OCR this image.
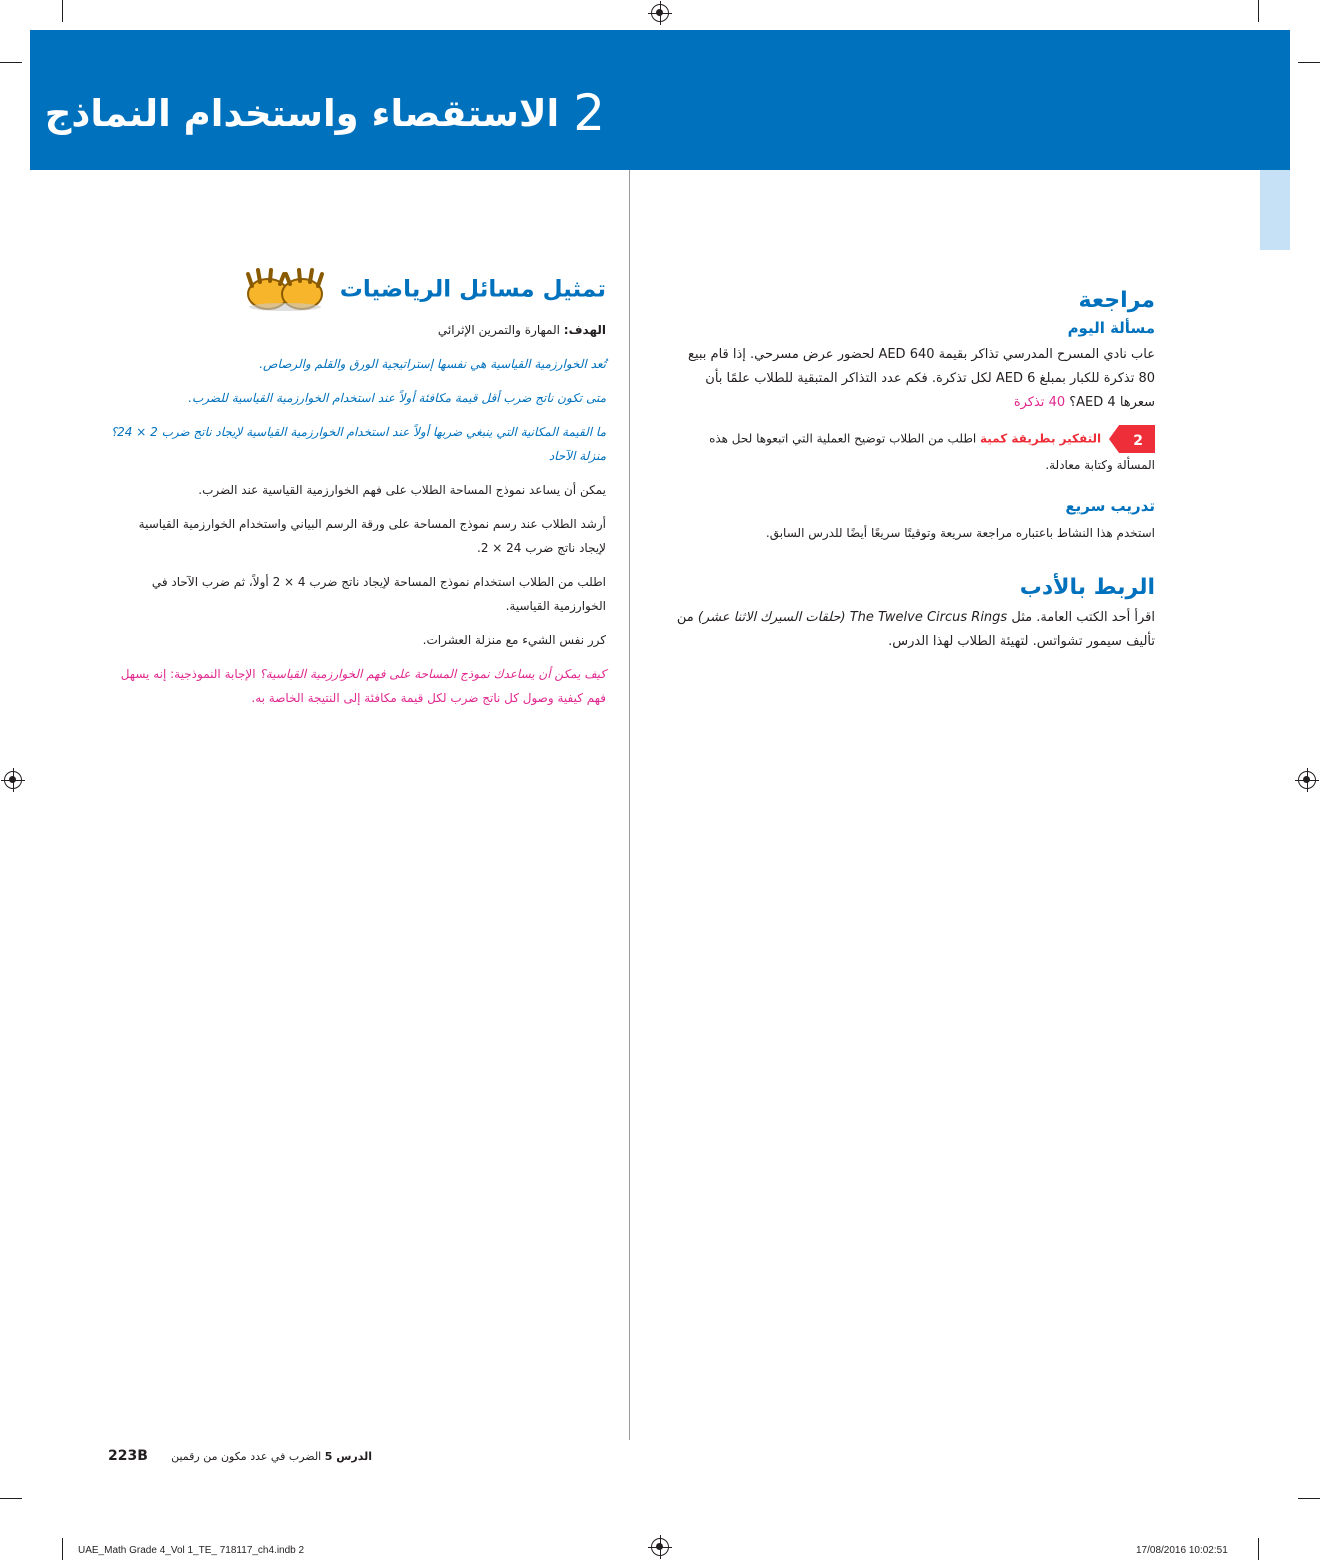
2الاستقصاء واستخدام النماذج
مراجعة
مسألة اليوم

عاب نادي المسرح المدرسي تذاكر بقيمة AED 640 لحضور عرض مسرحي. إذا قام ببيع 80 تذكرة للكبار بمبلغ AED 6 لكل تذكرة. فكم عدد التذاكر المتبقية للطلاب علمًا بأن سعرها 4 AED؟ 40 تذكرة

2
التفكير بطريقة كمية اطلب من الطلاب توضيح العملية التي اتبعوها لحل هذه المسألة وكتابة معادلة.

تدريب سريع

استخدم هذا النشاط باعتباره مراجعة سريعة وتوقيتًا سريعًا أيضًا للدرس السابق.

الربط بالأدب

اقرأ أحد الكتب العامة. مثل The Twelve Circus Rings (حلقات السيرك الاثنا عشر) من تأليف سيمور تشواتس. لتهيئة الطلاب لهذا الدرس.

تمثيل مسائل الرياضيات

الهدف: المهارة والتمرين الإثرائي

تُعد الخوارزمية القياسية هي نفسها إستراتيجية الورق والقلم والرصاص.

متى تكون ناتج ضرب أقل قيمة مكافئة أولاً عند استخدام الخوارزمية القياسية للضرب.

ما القيمة المكانية التي ينبغي ضربها أولاً عند استخدام الخوارزمية القياسية لإيجاد ناتج ضرب 2 × 24؟ منزلة الآحاد

يمكن أن يساعد نموذج المساحة الطلاب على فهم الخوارزمية القياسية عند الضرب.

أرشد الطلاب عند رسم نموذج المساحة على ورقة الرسم البياني واستخدام الخوارزمية القياسية لإيجاد ناتج ضرب 24 × 2.

اطلب من الطلاب استخدام نموذج المساحة لإيجاد ناتج ضرب 4 × 2 أولاً، ثم ضرب الآحاد في الخوارزمية القياسية.

كرر نفس الشيء مع منزلة العشرات.

كيف يمكن أن يساعدك نموذج المساحة على فهم الخوارزمية القياسية؟ الإجابة النموذجية: إنه يسهل فهم كيفية وصول كل ناتج ضرب لكل قيمة مكافئة إلى النتيجة الخاصة به.

223B	الدرس 5 الضرب في عدد مكون من رقمين
UAE_Math Grade 4_Vol 1_TE_ 718117_ch4.indb 2	17/08/2016 10:02:51
